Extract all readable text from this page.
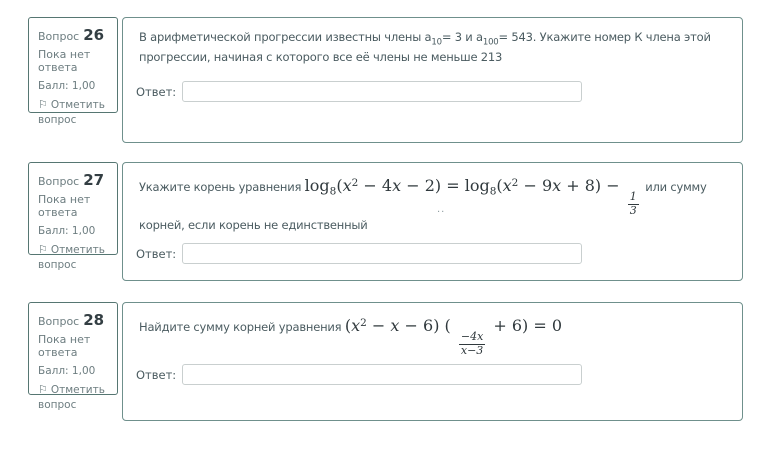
Вопрос 26
Пока нет ответа
Балл: 1,00
⚐ Отметить вопрос
В арифметической прогрессии известны члены $a_{10}= 3$ и $a_{100}= 543$. Укажите номер К члена этой прогрессии, начиная с которого все её члены не меньше 213
Ответ:
Вопрос 27
Пока нет ответа
Балл: 1,00
⚐ Отметить вопрос
Укажите корень уравнения $\log_8(x^2 - 4x - 2) = \log_8(x^2 - 9x + 8)$ −
$\frac{1}{3}$
или сумму корней, если корень не единственный
..
Ответ:
Вопрос 28
Пока нет ответа
Балл: 1,00
⚐ Отметить вопрос
Найдите сумму корней уравнения $(x^2 - x - 6)$ (
$\frac{-4x}{x-3}$
+ 6) = 0
Ответ:
